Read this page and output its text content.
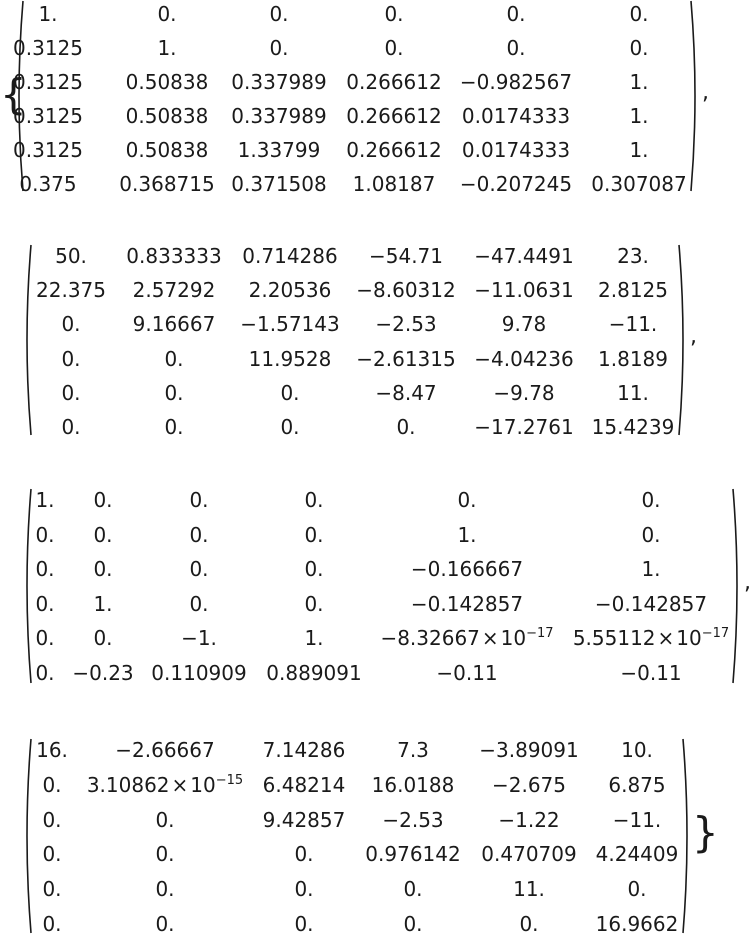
1.	0.	0.	0.	0.	0.
0.3125	1.	0.	0.	0.	0.
0.3125 0.50838 0.337989 0.266612 −0.982567	1.
0.3125 0.50838 0.337989 0.266612 0.0174333	1.
0.3125 0.50838 1.33799 0.266612 0.0174333	1.
0.375 0.368715 0.371508 1.08187 −0.207245 0.307087
,
50. 0.833333 0.714286 −54.71 −47.4491 23.
22.375 2.57292 2.20536 −8.60312 −11.0631 2.8125
0.	9.16667 −1.57143 −2.53	9.78	−11.
0.	0.	11.9528 −2.61315 −4.04236 1.8189
0.	0.	0.	−8.47	−9.78	11.
0.	0.	0.	0.	−17.2761 15.4239
,
1. 0.	0.	0.	0.	0.
0. 0.	0.	0.	1.	0.
0. 0.	0.	0.	−0.166667	1.
0. 1.	0.	0.	−0.142857	−0.142857
0. 0.	−1.	1.	$-8.32667 \times 10^{-17}$ $5.55112 \times 10^{-17}$
0. −0.23 0.110909 0.889091	−0.11	−0.11
,
16. −2.66667 7.14286	7.3	−3.89091 10.
0. $3.10862 \times 10^{-15}$ 6.48214 16.0188 −2.675 6.875
0.	0.	9.42857 −2.53	−1.22	−11.
0.	0.	0.	0.976142 0.470709 4.24409
0.	0.	0.	0.	11.	0.
0.	0.	0.	0.	0.	16.9662
{
}
